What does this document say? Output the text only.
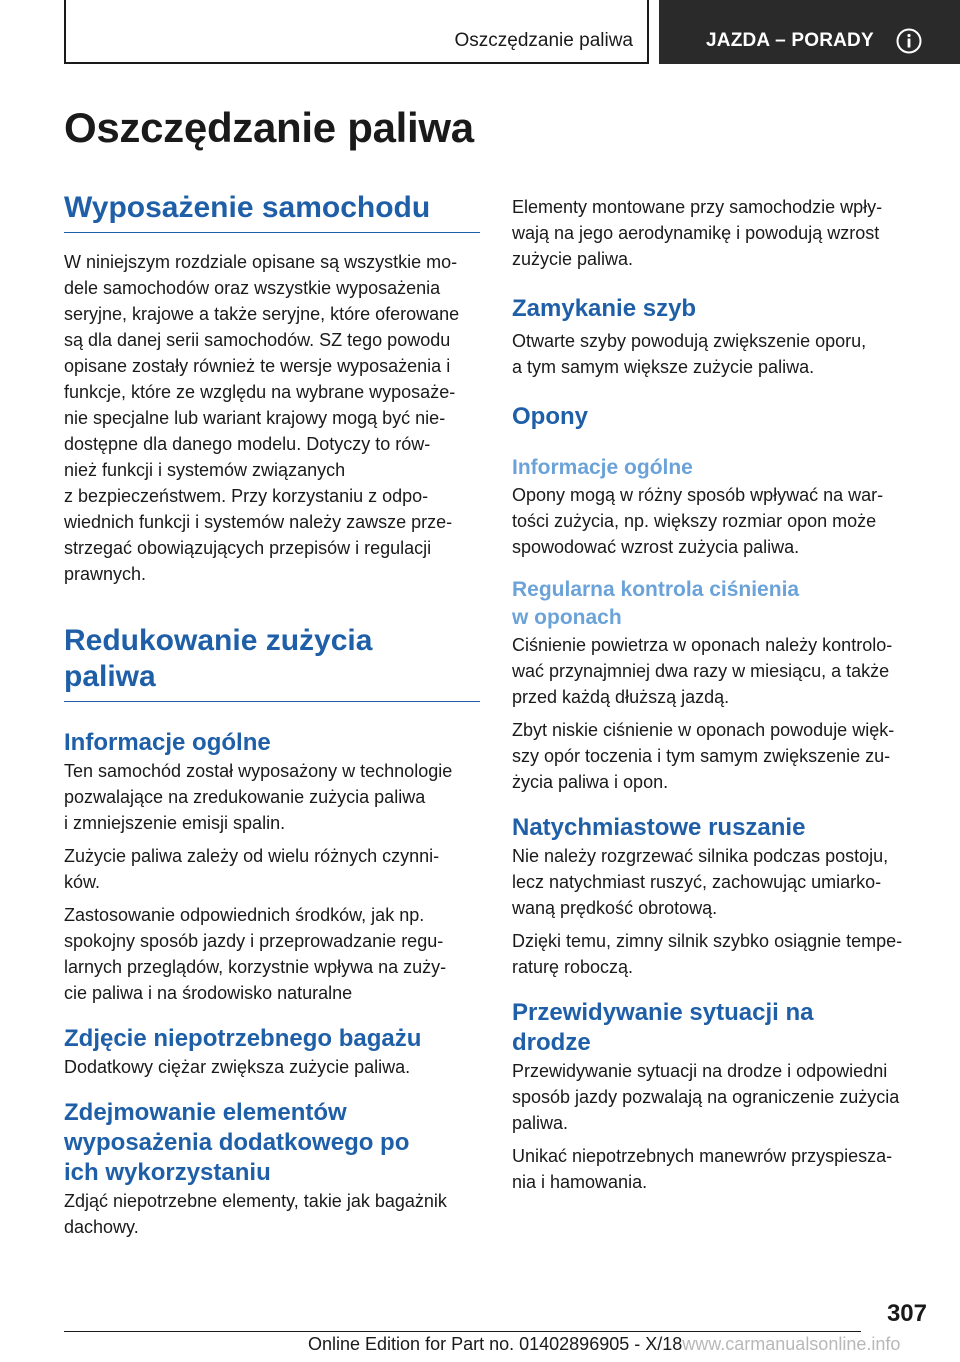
Oszczędzanie paliwa	JAZDA – PORADY
Oszczędzanie paliwa
Wyposażenie samochodu
W niniejszym rozdziale opisane są wszystkie mo-
dele samochodów oraz wszystkie wyposażenia
seryjne, krajowe a także seryjne, które oferowane
są dla danej serii samochodów. SZ tego powodu
opisane zostały również te wersje wyposażenia i
funkcje, które ze względu na wybrane wyposaże-
nie specjalne lub wariant krajowy mogą być nie-
dostępne dla danego modelu. Dotyczy to rów-
nież funkcji i systemów związanych
z bezpieczeństwem. Przy korzystaniu z odpo-
wiednich funkcji i systemów należy zawsze prze-
strzegać obowiązujących przepisów i regulacji
prawnych.
Redukowanie zużycia
paliwa
Informacje ogólne
Ten samochód został wyposażony w technologie
pozwalające na zredukowanie zużycia paliwa
i zmniejszenie emisji spalin.
Zużycie paliwa zależy od wielu różnych czynni-
ków.
Zastosowanie odpowiednich środków, jak np.
spokojny sposób jazdy i przeprowadzanie regu-
larnych przeglądów, korzystnie wpływa na zuży-
cie paliwa i na środowisko naturalne
Zdjęcie niepotrzebnego bagażu
Dodatkowy ciężar zwiększa zużycie paliwa.
Zdejmowanie elementów
wyposażenia dodatkowego po
ich wykorzystaniu
Zdjąć niepotrzebne elementy, takie jak bagażnik
dachowy.
Elementy montowane przy samochodzie wpły-
wają na jego aerodynamikę i powodują wzrost
zużycie paliwa.
Zamykanie szyb
Otwarte szyby powodują zwiększenie oporu,
a tym samym większe zużycie paliwa.
Opony
Informacje ogólne
Opony mogą w różny sposób wpływać na war-
tości zużycia, np. większy rozmiar opon może
spowodować wzrost zużycia paliwa.
Regularna kontrola ciśnienia
w oponach
Ciśnienie powietrza w oponach należy kontrolo-
wać przynajmniej dwa razy w miesiącu, a także
przed każdą dłuższą jazdą.
Zbyt niskie ciśnienie w oponach powoduje więk-
szy opór toczenia i tym samym zwiększenie zu-
życia paliwa i opon.
Natychmiastowe ruszanie
Nie należy rozgrzewać silnika podczas postoju,
lecz natychmiast ruszyć, zachowując umiarko-
waną prędkość obrotową.
Dzięki temu, zimny silnik szybko osiągnie tempe-
raturę roboczą.
Przewidywanie sytuacji na
drodze
Przewidywanie sytuacji na drodze i odpowiedni
sposób jazdy pozwalają na ograniczenie zużycia
paliwa.
Unikać niepotrzebnych manewrów przyspiesza-
nia i hamowania.
307
Online Edition for Part no. 01402896905 - X/18www.carmanualsonline.info
